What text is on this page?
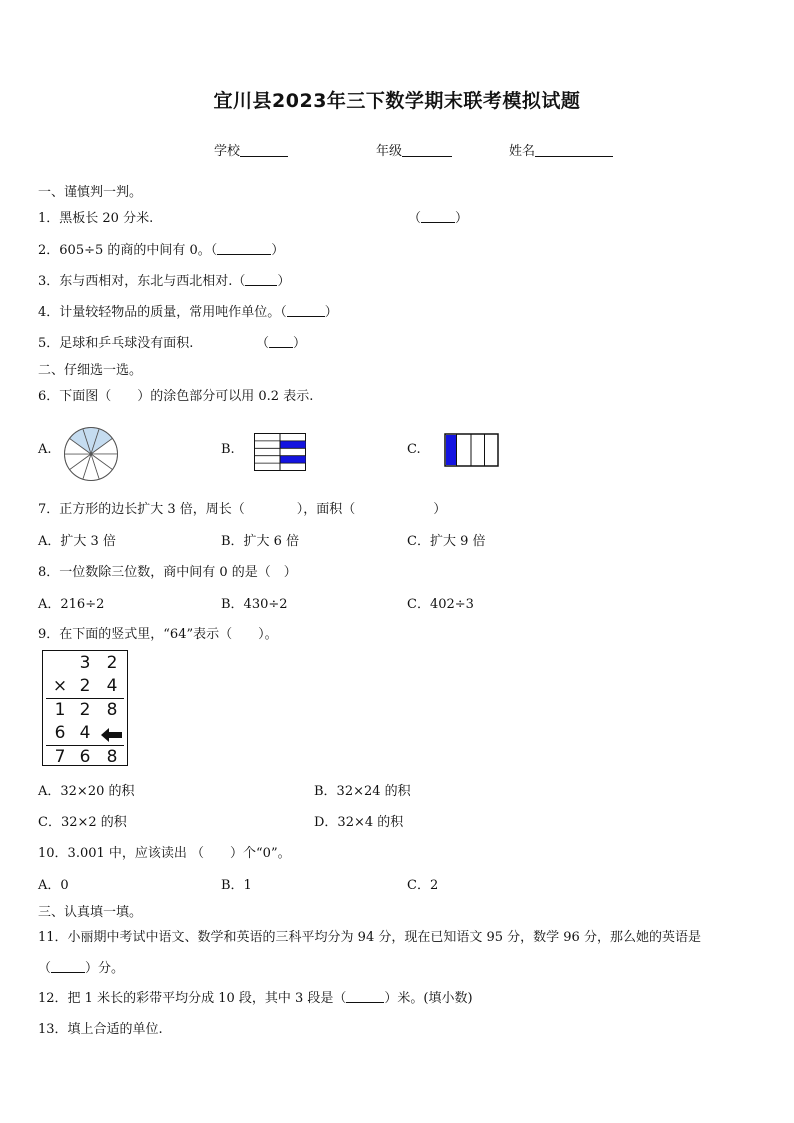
宜川县2023年三下数学期末联考模拟试题
学校	年级	姓名
一、谨慎判一判。
1．黑板长 20 分米.	（	）
2．605÷5 的商的中间有 0。（	）
3．东与西相对，东北与西北相对.（ ）
4．计量较轻物品的质量，常用吨作单位。（	）
5．足球和乒乓球没有面积.	（ ）
二、仔细选一选。
6．下面图（　　）的涂色部分可以用 0.2 表示.
A.	B.	C.
7．正方形的边长扩大 3 倍，周长（　　　　），面积（　　　　　　）
A．扩大 3 倍	B．扩大 6 倍	C．扩大 9 倍
8．一位数除三位数，商中间有 0 的是（　）
A．216÷2	B．430÷2	C．402÷3
9．在下面的竖式里，“64”表示（　　）。
3 2
× 2 4
1 2 8
6 4
7 6 8
A．32×20 的积	B．32×24 的积
C．32×2 的积	D．32×4 的积
10．3.001 中，应该读出 （　　）个“0”。
A．0	B．1	C．2
三、认真填一填。
11．小丽期中考试中语文、数学和英语的三科平均分为 94 分，现在已知语文 95 分，数学 96 分，那么她的英语是
（	）分。
12．把 1 米长的彩带平均分成 10 段，其中 3 段是（	）米。(填小数)
13．填上合适的单位.
